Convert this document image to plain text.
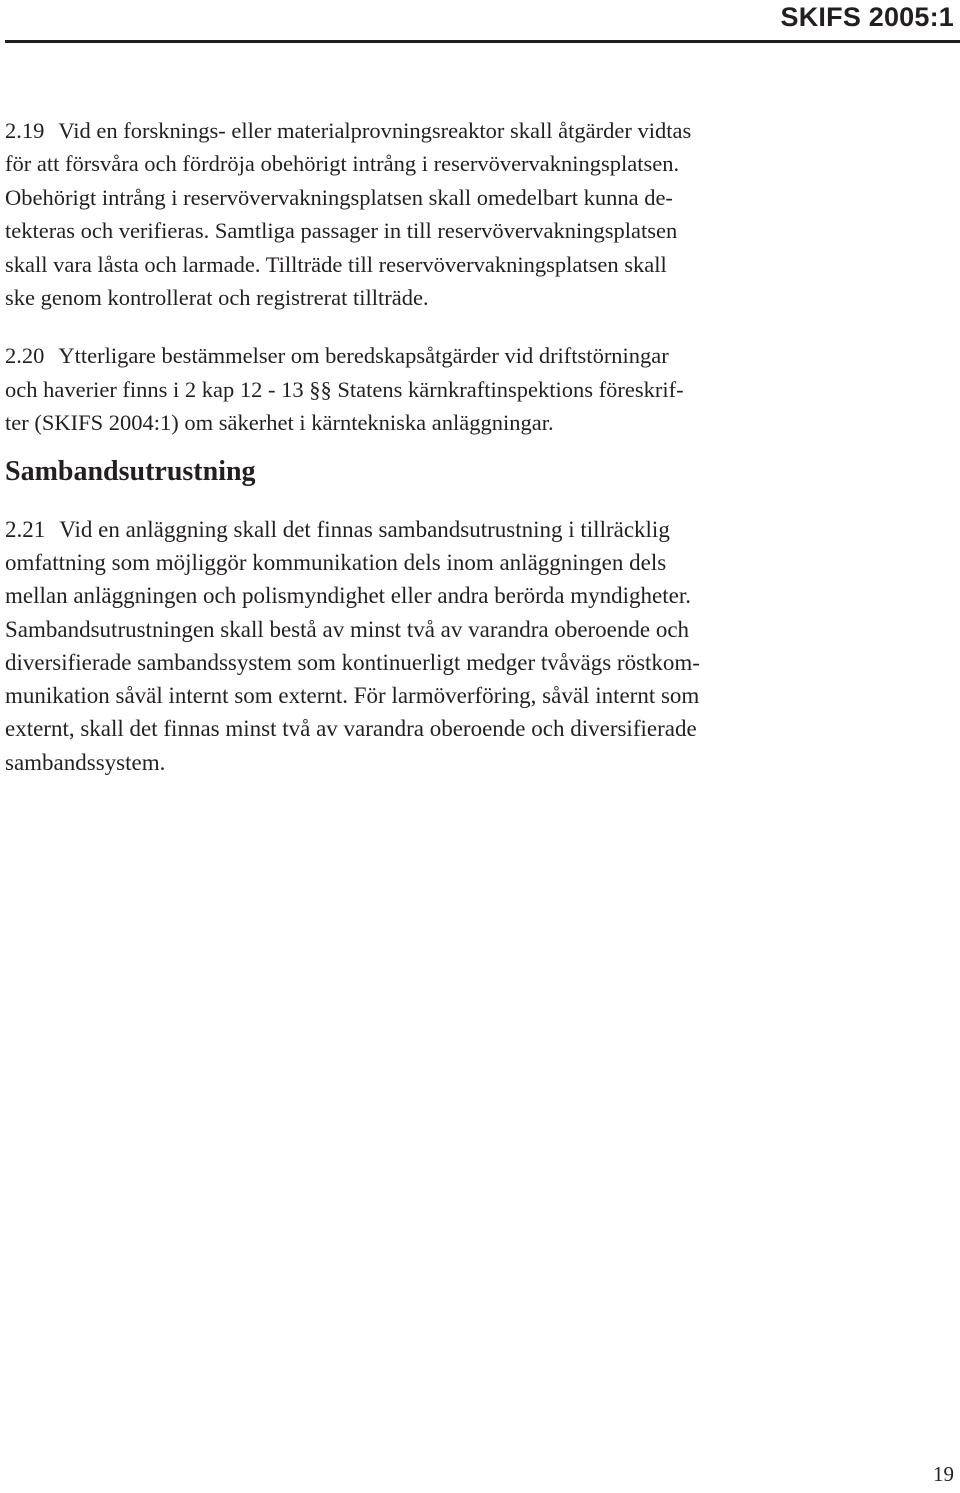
SKIFS 2005:1

2.19 Vid en forsknings- eller materialprovningsreaktor skall åtgärder vidtas
för att försvåra och fördröja obehörigt intrång i reservövervakningsplatsen.
Obehörigt intrång i reservövervakningsplatsen skall omedelbart kunna de-
tekteras och verifieras. Samtliga passager in till reservövervakningsplatsen
skall vara låsta och larmade. Tillträde till reservövervakningsplatsen skall
ske genom kontrollerat och registrerat tillträde.

2.20 Ytterligare bestämmelser om beredskapsåtgärder vid driftstörningar
och haverier finns i 2 kap 12 - 13 §§ Statens kärnkraftinspektions föreskrif-
ter (SKIFS 2004:1) om säkerhet i kärntekniska anläggningar.

Sambandsutrustning

2.21 Vid en anläggning skall det finnas sambandsutrustning i tillräcklig
omfattning som möjliggör kommunikation dels inom anläggningen dels
mellan anläggningen och polismyndighet eller andra berörda myndigheter.
Sambandsutrustningen skall bestå av minst två av varandra oberoende och
diversifierade sambandssystem som kontinuerligt medger tvåvägs röstkom-
munikation såväl internt som externt. För larmöverföring, såväl internt som
externt, skall det finnas minst två av varandra oberoende och diversifierade
sambandssystem.

19
